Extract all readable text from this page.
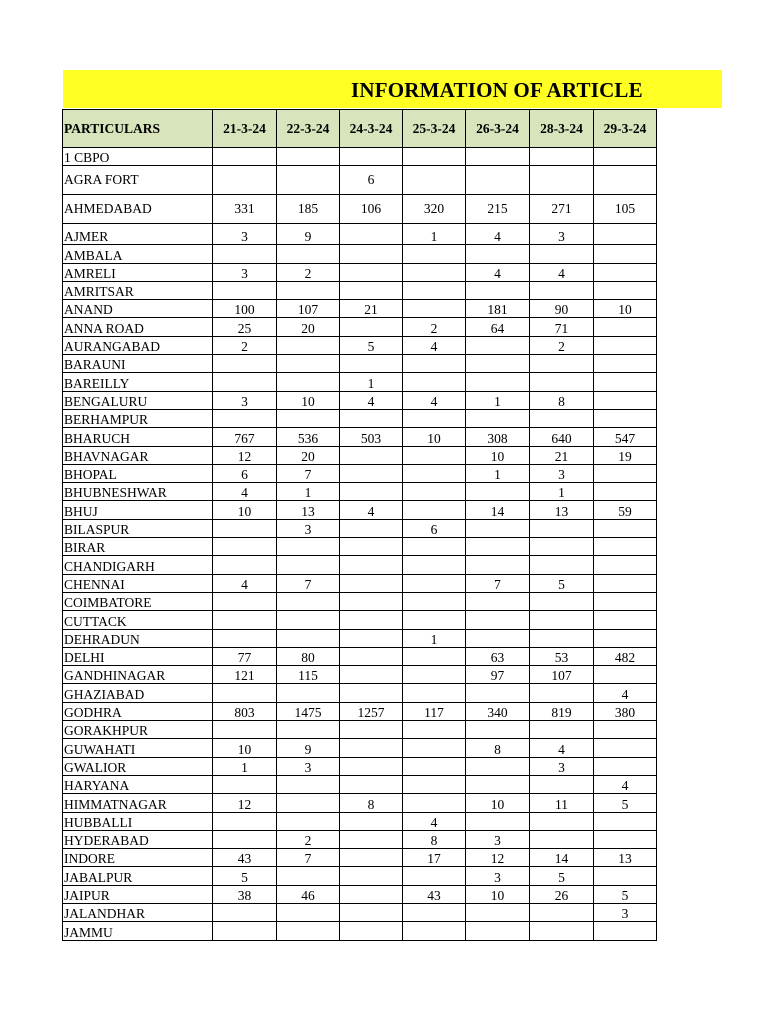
INFORMATION OF ARTICLE
PARTICULARS	21-3-24	22-3-24	24-3-24	25-3-24	26-3-24	28-3-24	29-3-24
1 CBPO							
AGRA FORT			6				
AHMEDABAD	331	185	106	320	215	271	105
AJMER	3	9		1	4	3	
AMBALA							
AMRELI	3	2			4	4	
AMRITSAR							
ANAND	100	107	21		181	90	10
ANNA ROAD	25	20		2	64	71	
AURANGABAD	2		5	4		2	
BARAUNI							
BAREILLY			1				
BENGALURU	3	10	4	4	1	8	
BERHAMPUR							
BHARUCH	767	536	503	10	308	640	547
BHAVNAGAR	12	20			10	21	19
BHOPAL	6	7			1	3	
BHUBNESHWAR	4	1				1	
BHUJ	10	13	4		14	13	59
BILASPUR		3		6			
BIRAR							
CHANDIGARH							
CHENNAI	4	7			7	5	
COIMBATORE							
CUTTACK							
DEHRADUN				1			
DELHI	77	80			63	53	482
GANDHINAGAR	121	115			97	107	
GHAZIABAD							4
GODHRA	803	1475	1257	117	340	819	380
GORAKHPUR							
GUWAHATI	10	9			8	4	
GWALIOR	1	3				3	
HARYANA							4
HIMMATNAGAR	12		8		10	11	5
HUBBALLI				4			
HYDERABAD		2		8	3		
INDORE	43	7		17	12	14	13
JABALPUR	5				3	5	
JAIPUR	38	46		43	10	26	5
JALANDHAR							3
JAMMU							
